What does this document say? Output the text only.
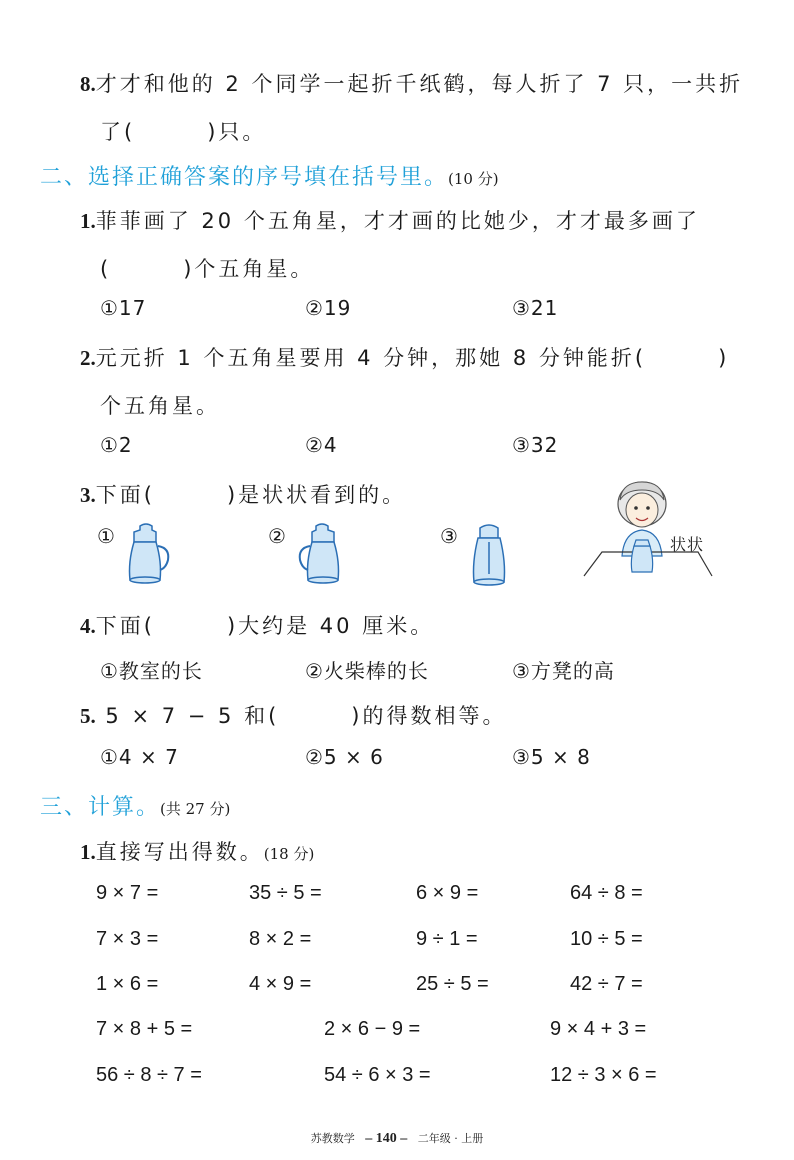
8.才才和他的 2 个同学一起折千纸鹤，每人折了 7 只，一共折
了(　　　)只。
二、选择正确答案的序号填在括号里。(10 分)
1.菲菲画了 20 个五角星，才才画的比她少，才才最多画了
(　　　)个五角星。
①17	②19	③21
2.元元折 1 个五角星要用 4 分钟，那她 8 分钟能折(　　　)
个五角星。
①2	②4	③32
3.下面(　　　)是状状看到的。
①	②	③	状状
4.下面(　　　)大约是 40 厘米。
①教室的长	②火柴棒的长	③方凳的高
5. 5 × 7 − 5 和(　　　)的得数相等。
①4 × 7	②5 × 6	③5 × 8
三、计算。(共 27 分)
1.直接写出得数。(18 分)
9 × 7 =	35 ÷ 5 =	6 × 9 =	64 ÷ 8 =
7 × 3 =	8 × 2 =	9 ÷ 1 =	10 ÷ 5 =
1 × 6 =	4 × 9 =	25 ÷ 5 =	42 ÷ 7 =
7 × 8 + 5 =	2 × 6 − 9 =	9 × 4 + 3 =
56 ÷ 8 ÷ 7 =	54 ÷ 6 × 3 =	12 ÷ 3 × 6 =
苏教数学 – 140 – 二年级 · 上册
